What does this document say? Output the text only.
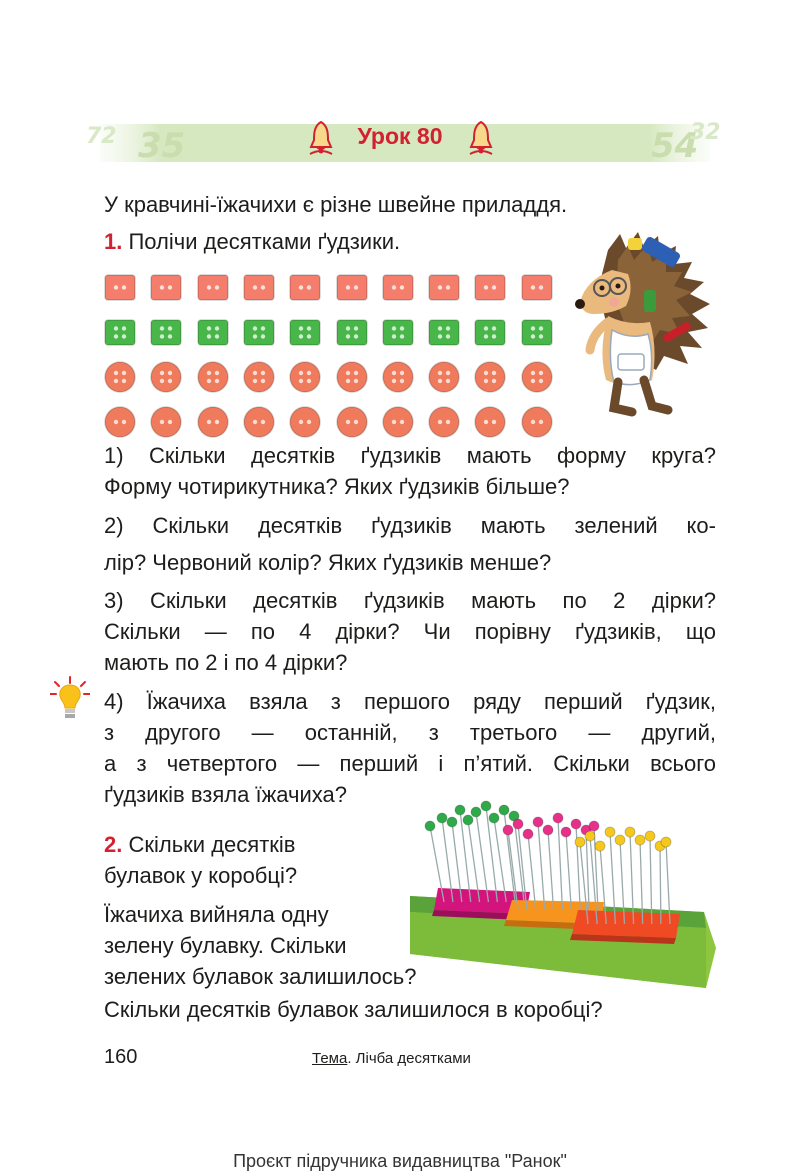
72 35	54
32
Урок 80
У кравчині-їжачихи є різне швейне приладдя.
1. Полічи десятками ґудзики.
1) Скільки десятків ґудзиків мають форму круга?
Форму чотирикутника? Яких ґудзиків більше?
2) Скільки десятків ґудзиків мають зелений ко-
лір? Червоний колір? Яких ґудзиків менше?
3) Скільки десятків ґудзиків мають по 2 дірки?
Скільки — по 4 дірки? Чи порівну ґудзиків, що
мають по 2 і по 4 дірки?
4) Їжачиха взяла з першого ряду перший ґудзик,
з другого — останній, з третього — другий,
а з четвертого — перший і п’ятий. Скільки всього
ґудзиків взяла їжачиха?
2. Скільки десятків
булавок у коробці?
Їжачиха вийняла одну
зелену булавку. Скільки
зелених булавок залишилось?
Скільки десятків булавок залишилося в коробці?
160	Тема. Лічба десятками
Проєкт підручника видавництва "Ранок"
